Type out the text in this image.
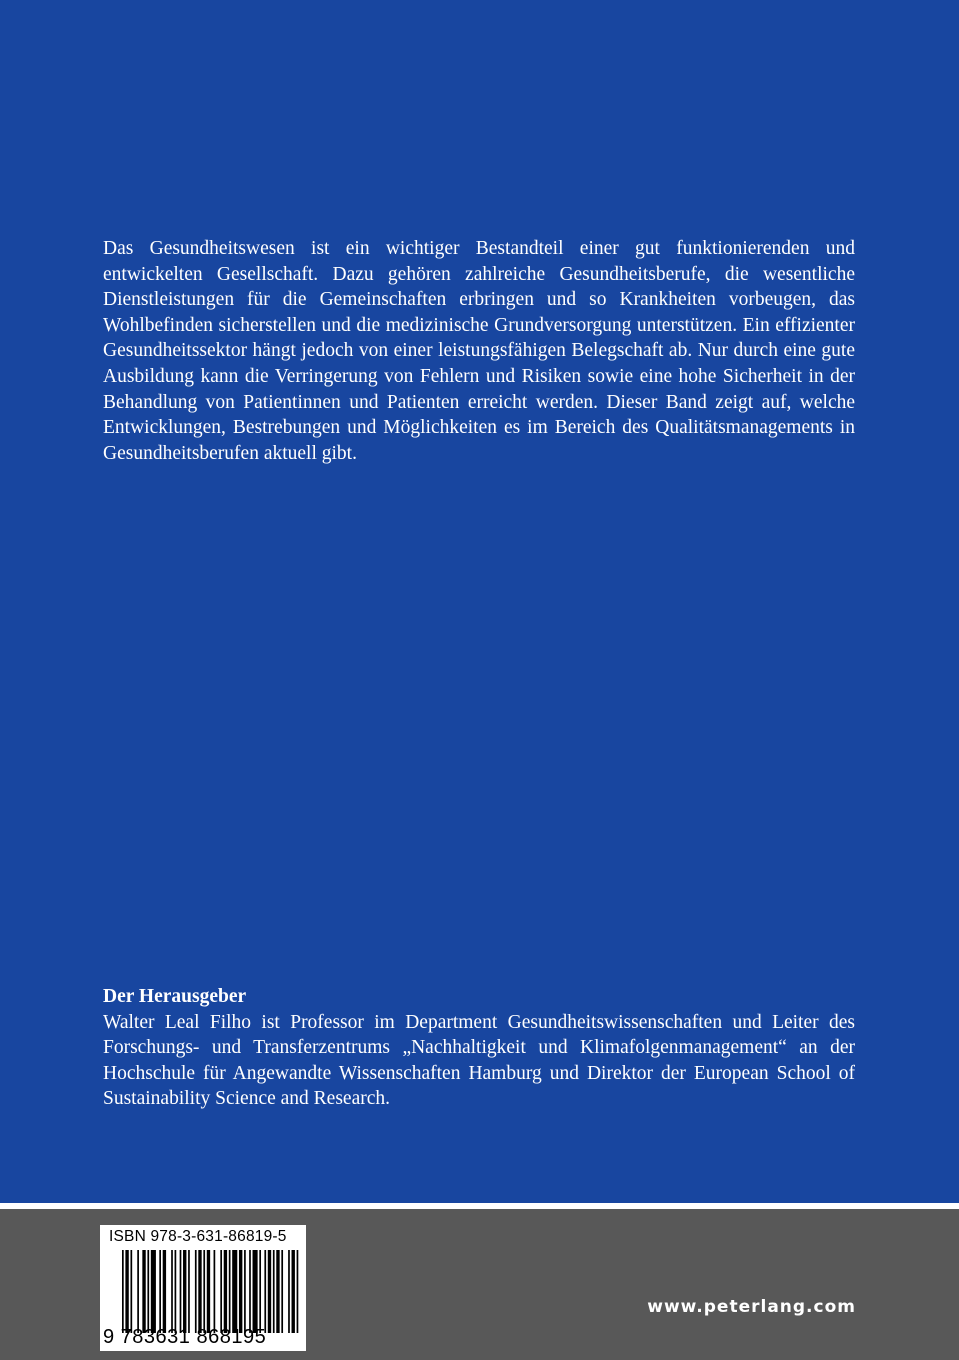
Das Gesundheitswesen ist ein wichtiger Bestandteil einer gut funktionierenden und entwickelten Gesellschaft. Dazu gehören zahlreiche Gesundheitsberufe, die wesentliche Dienstleistungen für die Gemeinschaften erbringen und so Krankheiten vorbeugen, das Wohlbefinden sicherstellen und die medizinische Grundversorgung unterstützen. Ein effizienter Gesundheitssektor hängt jedoch von einer leistungsfähigen Belegschaft ab. Nur durch eine gute Ausbildung kann die Verringerung von Fehlern und Risiken sowie eine hohe Sicherheit in der Behandlung von Patientinnen und Patienten erreicht werden. Dieser Band zeigt auf, welche Entwicklungen, Bestrebungen und Möglichkeiten es im Bereich des Qualitätsmanagements in Gesundheitsberufen aktuell gibt.

Der Herausgeber

Walter Leal Filho ist Professor im Department Gesundheitswissenschaften und Leiter des Forschungs- und Transferzentrums „Nachhaltigkeit und Klimafolgenmanagement“ an der Hochschule für Angewandte Wissenschaften Hamburg und Direktor der European School of Sustainability Science and Research.

ISBN 978-3-631-86819-5
9 783631 868195
www.peterlang.com
